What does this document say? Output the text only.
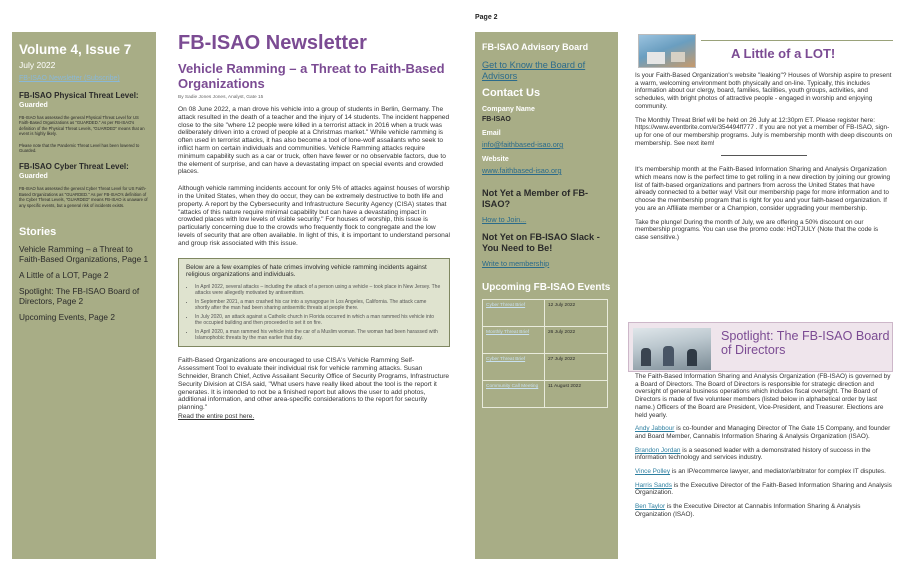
Volume 4, Issue 7
July 2022
FB-ISAO Newsletter (Subscribe)
FB-ISAO Physical Threat Level:
Guarded
FB-ISAO has assessed the general Physical Threat Level for US Faith-Based Organizations as "GUARDED." As per FB-ISAO's definition of the Physical Threat Levels, "GUARDED" means that an event is highly likely.
Please note that the Pandemic Threat Level has been lowered to Guarded.
FB-ISAO Cyber Threat Level:
Guarded
FB-ISAO has assessed the general Cyber Threat Level for US Faith-Based Organizations as "GUARDED." As per FB-ISAO's definition of the Cyber Threat Levels, "GUARDED" means FB-ISAO is unaware of any specific events, but a general risk of incidents exists.
Stories
Vehicle Ramming – a Threat to Faith-Based Organizations, Page 1
A Little of a LOT, Page 2
Spotlight: The FB-ISAO Board of Directors, Page 2
Upcoming Events, Page 2
FB-ISAO Newsletter
Vehicle Ramming – a Threat to Faith-Based Organizations
By Sadie Jones Jones, Analyst, Gate 15

On 08 June 2022, a man drove his vehicle into a group of students in Berlin, Germany. The attack resulted in the death of a teacher and the injury of 14 students. The incident happened close to the site "where 12 people were killed in a terrorist attack in 2016 when a truck was deliberately driven into a crowd of people at a Christmas market." While vehicle ramming is often used in terrorist attacks, it has also become a tool of lone-wolf assailants who seek to inflict harm on certain individuals and communities. Vehicle Ramming attacks require minimum capability such as a car or truck, often have fewer or no observable factors, due to the element of surprise, and can have a devastating impact on special events and crowded places.

Although vehicle ramming incidents account for only 5% of attacks against houses of worship in the United States, when they do occur, they can be extremely destructive to both life and property. A report by the Cybersecurity and Infrastructure Security Agency (CISA) states that "attacks of this nature require minimal capability but can have a devastating impact in crowded places with low levels of visible security." For houses of worship, this issue is particularly concerning due to the crowds who frequently flock to congregate and the low levels of security that are often available. In light of this, it is important to understand personal and group risk associated with this issue.

Below are a few examples of hate crimes involving vehicle ramming incidents against religious organizations and individuals.
• In April 2022, several attacks – including the attack of a person using a vehicle – took place in New Jersey. The attacks were allegedly motivated by antisemitism.
• In September 2021, a man crashed his car into a synagogue in Los Angeles, California. The attack came shortly after the man had been sharing antisemitic threats at people there.
• In July 2020, an attack against a Catholic church in Florida occurred in which a man rammed his vehicle into the occupied building and then proceeded to set it on fire.
• In April 2020, a man rammed his vehicle into the car of a Muslim woman. The woman had been harassed with Islamophobic threats by the man earlier that day.

Faith-Based Organizations are encouraged to use CISA's Vehicle Ramming Self-Assessment Tool to evaluate their individual risk for vehicle ramming attacks. Susan Schneider, Branch Chief, Active Assailant Security Office of Security Programs, Infrastructure Security Division at CISA said, "What users have really liked about the tool is the report it generates. It is intended to not be a finished report but allows the user to add photos, additional information, and other area-specific considerations to the report for security planning."

Read the entire post here.
Page 2
FB-ISAO Advisory Board
Get to Know the Board of Advisors
Contact Us
Company Name
FB-ISAO
Email
info@faithbased-isao.org
Website
www.faithbased-isao.org
Not Yet a Member of FB-ISAO?
How to Join...
Not Yet on FB-ISAO Slack - You Need to Be!
Write to membership
Upcoming FB-ISAO Events
Cyber Threat Brief	12 July 2022
Monthly Threat Brief	26 July 2022
Cyber Threat Brief	27 July 2022
Community Call Meeting	11 August 2022
A Little of a LOT!

Is your Faith-Based Organization's website "leaking"? Houses of Worship aspire to present a warm, welcoming environment both physically and on-line. Typically, this includes information about our clergy, board, families, facilities, youth groups, activities, and schedules, with bright photos of attractive people - engaged in worship and enjoying community.

The Monthly Threat Brief will be held on 26 July at 12:30pm ET. Please register here: https://www.eventbrite.com/e/354494ff777 . If you are not yet a member of FB-ISAO, sign-up for one of our membership programs. July is membership month with deep discounts on membership. See next item!

It's membership month at the Faith-Based Information Sharing and Analysis Organization which means now is the perfect time to get rolling in a new direction by joining our growing list of faith-based organizations and partners from across the United States that have already connected to a better way! Visit our membership page for more information and to choose the membership program that is right for you and your faith-based organization. If you are an Affiliate member or a Champion, consider upgrading your membership.

Take the plunge! During the month of July, we are offering a 50% discount on our membership programs. You can use the promo code: HOTJULY (Note that the code is case sensitive.)

Spotlight: The FB-ISAO Board of Directors

The Faith-Based Information Sharing and Analysis Organization (FB-ISAO) is governed by a Board of Directors. The Board of Directors is responsible for strategic direction and oversight of general business operations which includes fiscal oversight. The Board of Directors is made of five volunteer members (listed below in alphabetical order by last name.) Officers of the Board are President, Vice-President, and Treasurer. Elections are held yearly.

Andy Jabbour is co-founder and Managing Director of The Gate 15 Company, and founder and Board Member, Cannabis Information Sharing & Analysis Organization (ISAO).

Brandon Jordan is a seasoned leader with a demonstrated history of success in the information technology and services industry.

Vince Polley is an IP/ecommerce lawyer, and mediator/arbitrator for complex IT disputes.

Harris Sands is the Executive Director of the Faith-Based Information Sharing and Analysis Organization.

Ben Taylor is the Executive Director at Cannabis Information Sharing & Analysis Organization (ISAO).
